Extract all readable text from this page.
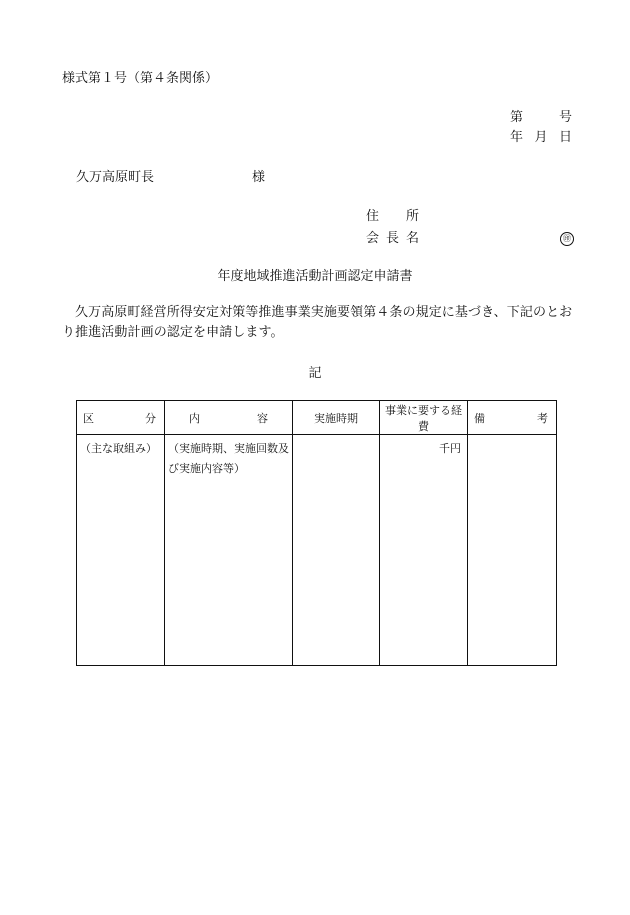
様式第１号（第４条関係）
第	号
年 月 日
久万高原町長	様
住 所
会 長 名	㊞
年度地域推進活動計画認定申請書
久万高原町経営所得安定対策等推進事業実施要領第４条の規定に基づき、下記のとおり推進活動計画の認定を申請します。
記
区 分	内 容	実施時期	事業に要する経費	備 考

（主な取組み）	（実施時期、実施回数及び実施内容等）		千円	
